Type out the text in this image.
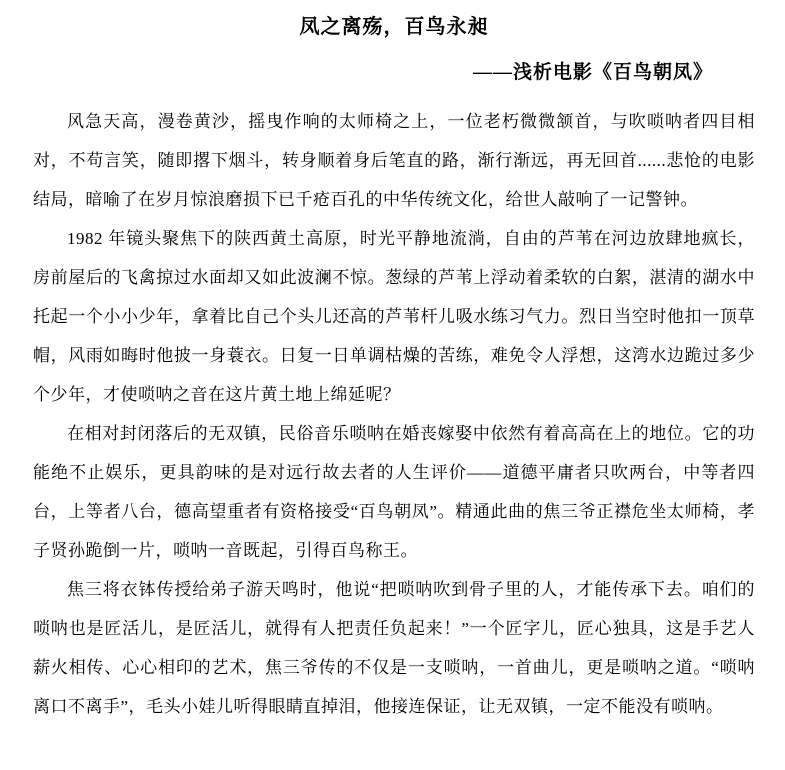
凤之离殇，百鸟永昶
——浅析电影《百鸟朝凤》

风急天高，漫卷黄沙，摇曳作响的太师椅之上，一位老朽微微颔首，与吹唢呐者四目相对，不苟言笑，随即撂下烟斗，转身顺着身后笔直的路，渐行渐远，再无回首......悲怆的电影结局，暗喻了在岁月惊浪磨损下已千疮百孔的中华传统文化，给世人敲响了一记警钟。

1982 年镜头聚焦下的陕西黄土高原，时光平静地流淌，自由的芦苇在河边放肆地疯长，房前屋后的飞禽掠过水面却又如此波澜不惊。葱绿的芦苇上浮动着柔软的白絮，湛清的湖水中托起一个小小少年，拿着比自己个头儿还高的芦苇杆儿吸水练习气力。烈日当空时他扣一顶草帽，风雨如晦时他披一身蓑衣。日复一日单调枯燥的苦练，难免令人浮想，这湾水边跪过多少个少年，才使唢呐之音在这片黄土地上绵延呢？

在相对封闭落后的无双镇，民俗音乐唢呐在婚丧嫁娶中依然有着高高在上的地位。它的功能绝不止娱乐，更具韵味的是对远行故去者的人生评价——道德平庸者只吹两台，中等者四台，上等者八台，德高望重者有资格接受“百鸟朝凤”。精通此曲的焦三爷正襟危坐太师椅，孝子贤孙跪倒一片，唢呐一音既起，引得百鸟称王。

焦三将衣钵传授给弟子游天鸣时，他说“把唢呐吹到骨子里的人，才能传承下去。咱们的唢呐也是匠活儿，是匠活儿，就得有人把责任负起来！”一个匠字儿，匠心独具，这是手艺人薪火相传、心心相印的艺术，焦三爷传的不仅是一支唢呐，一首曲儿，更是唢呐之道。“唢呐离口不离手”，毛头小娃儿听得眼睛直掉泪，他接连保证，让无双镇，一定不能没有唢呐。
